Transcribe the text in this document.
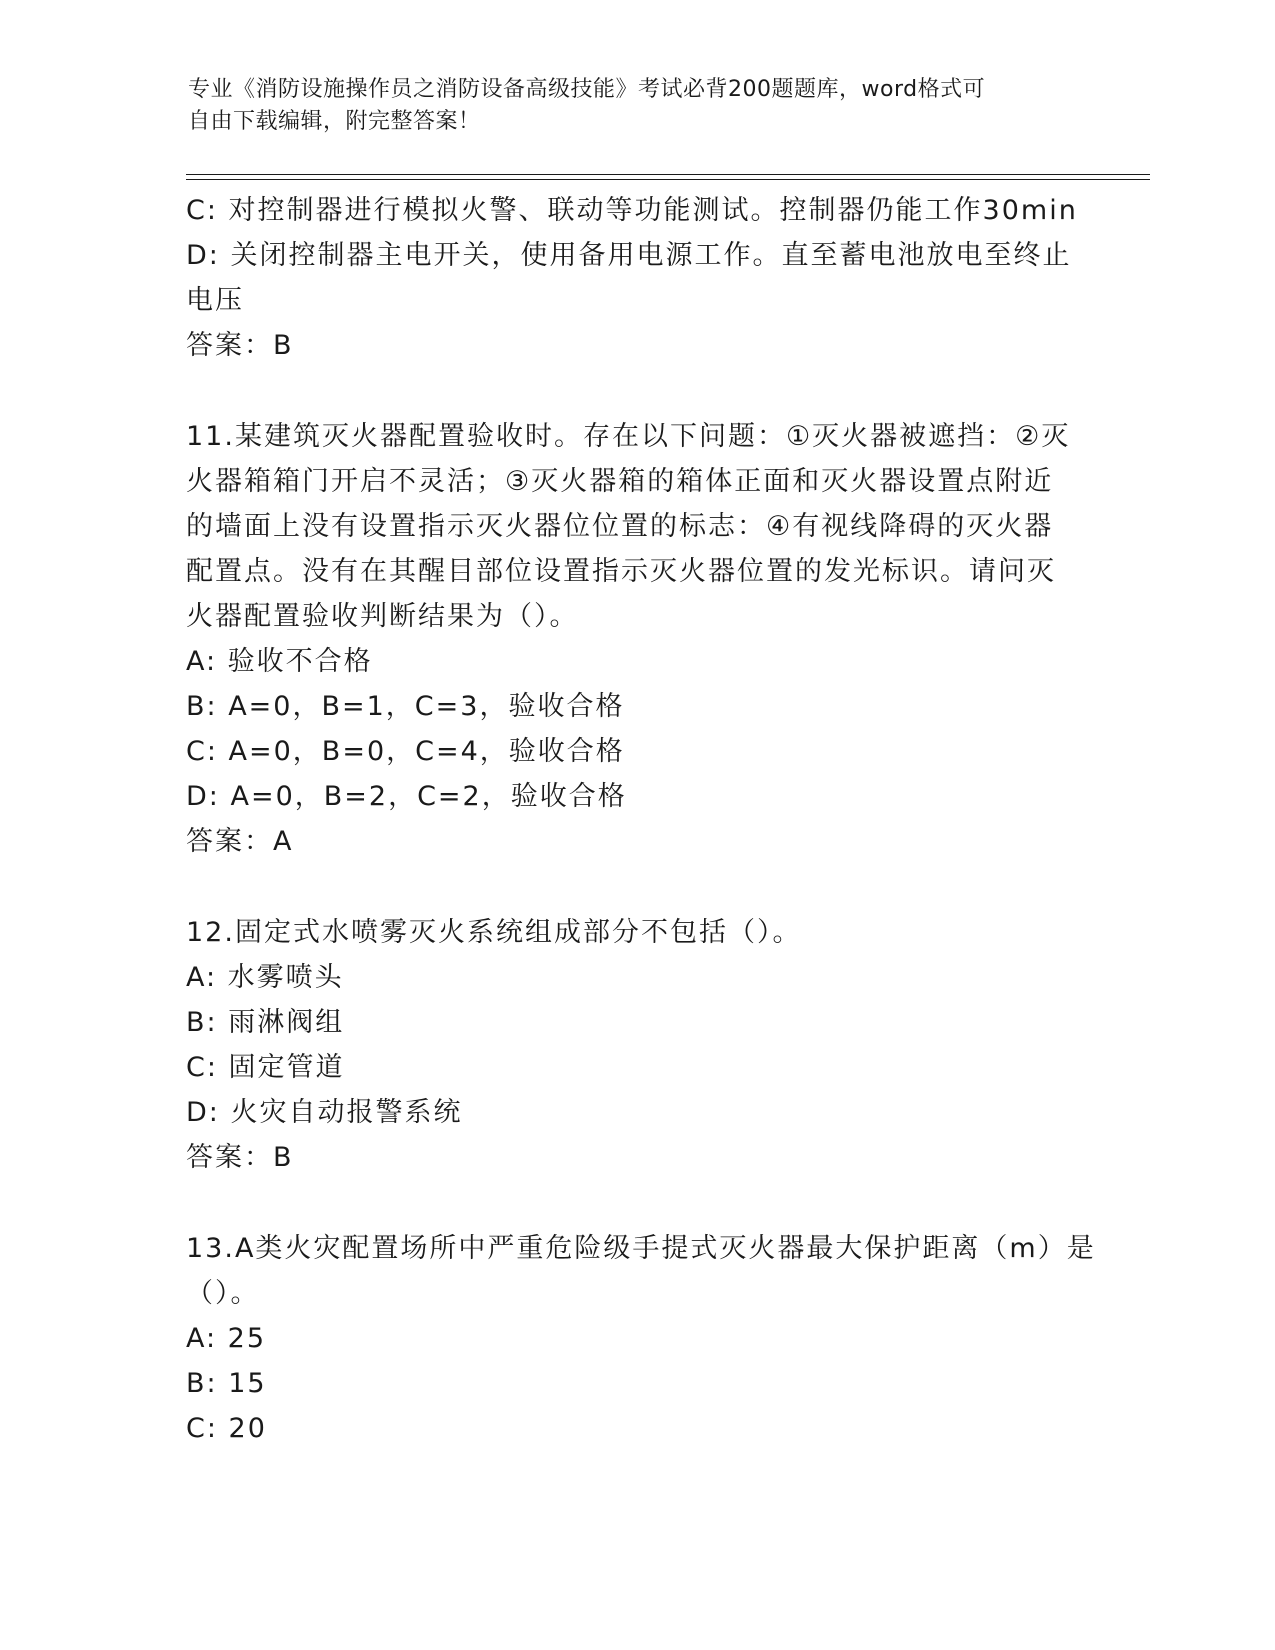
专业《消防设施操作员之消防设备高级技能》考试必背200题题库，word格式可

自由下载编辑，附完整答案！

C: 对控制器进行模拟火警、联动等功能测试。控制器仍能工作30min

D: 关闭控制器主电开关，使用备用电源工作。直至蓄电池放电至终止

电压

答案：B

11.某建筑灭火器配置验收时。存在以下问题：①灭火器被遮挡：②灭

火器箱箱门开启不灵活；③灭火器箱的箱体正面和灭火器设置点附近

的墙面上没有设置指示灭火器位位置的标志：④有视线降碍的灭火器

配置点。没有在其醒目部位设置指示灭火器位置的发光标识。请问灭

火器配置验收判断结果为（）。

A: 验收不合格

B: A=0，B=1，C=3，验收合格

C: A=0，B=0，C=4，验收合格

D: A=0，B=2，C=2，验收合格

答案：A

12.固定式水喷雾灭火系统组成部分不包括（）。

A: 水雾喷头

B: 雨淋阀组

C: 固定管道

D: 火灾自动报警系统

答案：B

13.A类火灾配置场所中严重危险级手提式灭火器最大保护距离（m）是

（）。

A: 25

B: 15

C: 20
